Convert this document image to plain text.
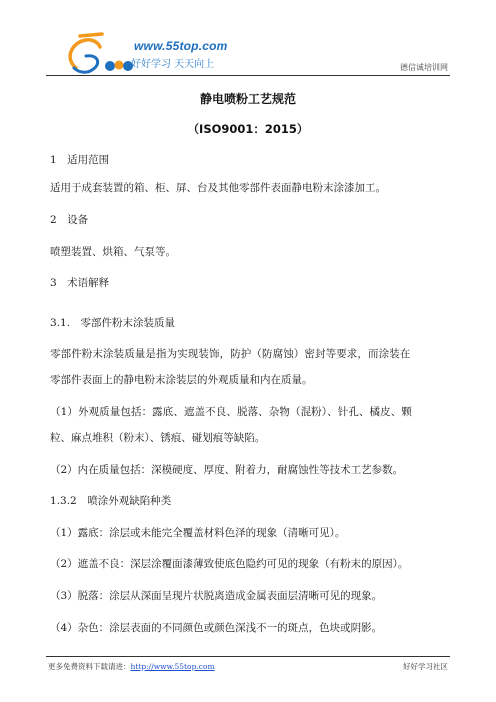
www.55top.com
好好学习 天天向上	德信诚培训网
静电喷粉工艺规范
（ISO9001：2015）
1　适用范围
适用于成套装置的箱、柜、屏、台及其他零部件表面静电粉末涂漆加工。
2　设备
喷塑装置、烘箱、气泵等。
3　术语解释
3.1.　零部件粉末涂装质量
零部件粉末涂装质量是指为实现装饰，防护（防腐蚀）密封等要求，而涂装在
零部件表面上的静电粉末涂装层的外观质量和内在质量。
（1）外观质量包括：露底、遮盖不良、脱落、杂物（混粉）、针孔、橘皮、颗
粒、麻点堆积（粉末）、锈痕、碰划痕等缺陷。
（2）内在质量包括：深模硬度、厚度、附着力，耐腐蚀性等技术工艺参数。
1.3.2　喷涂外观缺陷种类
（1）露底：涂层或未能完全覆盖材料色泽的现象（清晰可见）。
（2）遮盖不良：深层涂覆面漆薄致使底色隐约可见的现象（有粉末的原因）。
（3）脱落：涂层从深面呈现片状脱离造成金属表面层清晰可见的现象。
（4）杂色：涂层表面的不同颜色或颜色深浅不一的斑点，色块或阴影。
更多免费资料下载请进：http://www.55top.com	好好学习社区
